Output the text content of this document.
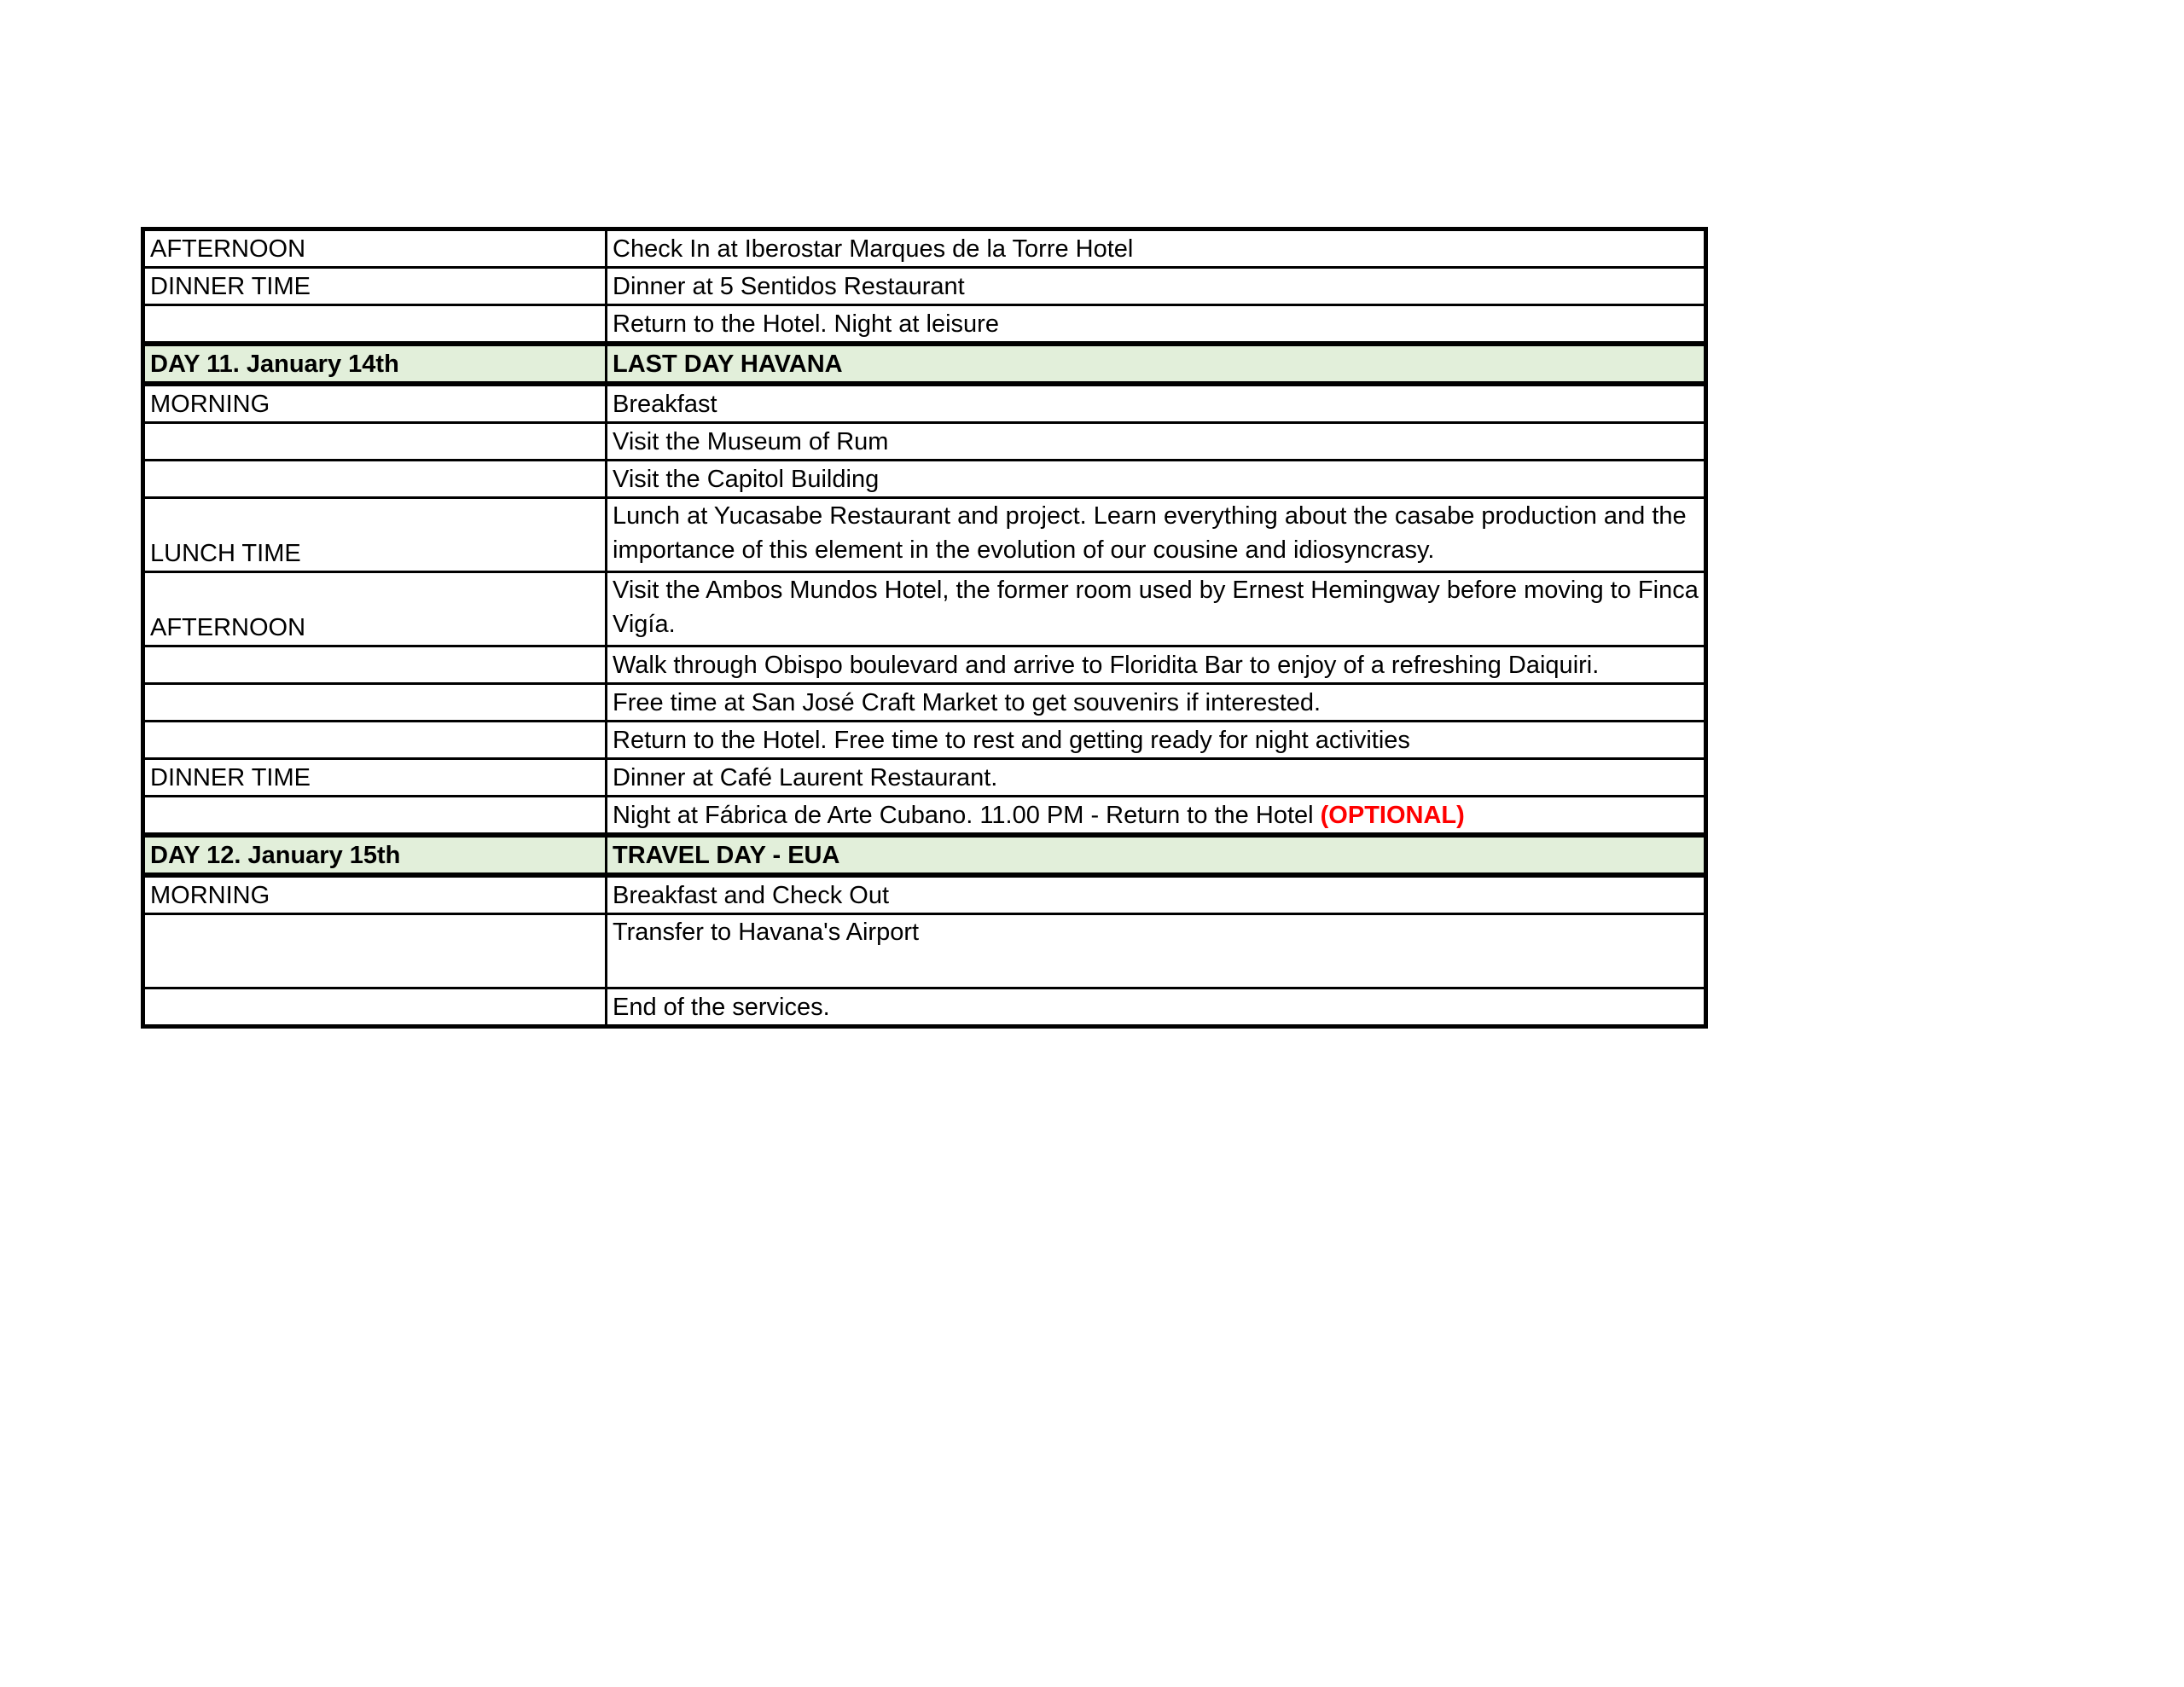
AFTERNOON	Check In at Iberostar Marques de la Torre Hotel
DINNER TIME	Dinner at 5 Sentidos Restaurant
	Return to the Hotel. Night at leisure
DAY 11. January 14th	LAST DAY HAVANA
MORNING	Breakfast
	Visit the Museum of Rum
	Visit the Capitol Building
LUNCH TIME	Lunch at Yucasabe Restaurant and project. Learn everything about the casabe production and the importance of this element in the evolution of our cousine and idiosyncrasy.
AFTERNOON	Visit the Ambos Mundos Hotel, the former room used by Ernest Hemingway before moving to Finca Vigía.
	Walk through Obispo boulevard and arrive to Floridita Bar to enjoy of a refreshing Daiquiri.
	Free time at San José Craft Market to get souvenirs if interested.
	Return to the Hotel. Free time to rest and getting ready for night activities
DINNER TIME	Dinner at Café Laurent Restaurant.
	Night at Fábrica de Arte Cubano. 11.00 PM - Return to the Hotel (OPTIONAL)
DAY 12. January 15th	TRAVEL DAY - EUA
MORNING	Breakfast and Check Out
	Transfer to Havana's Airport
	End of the services.
